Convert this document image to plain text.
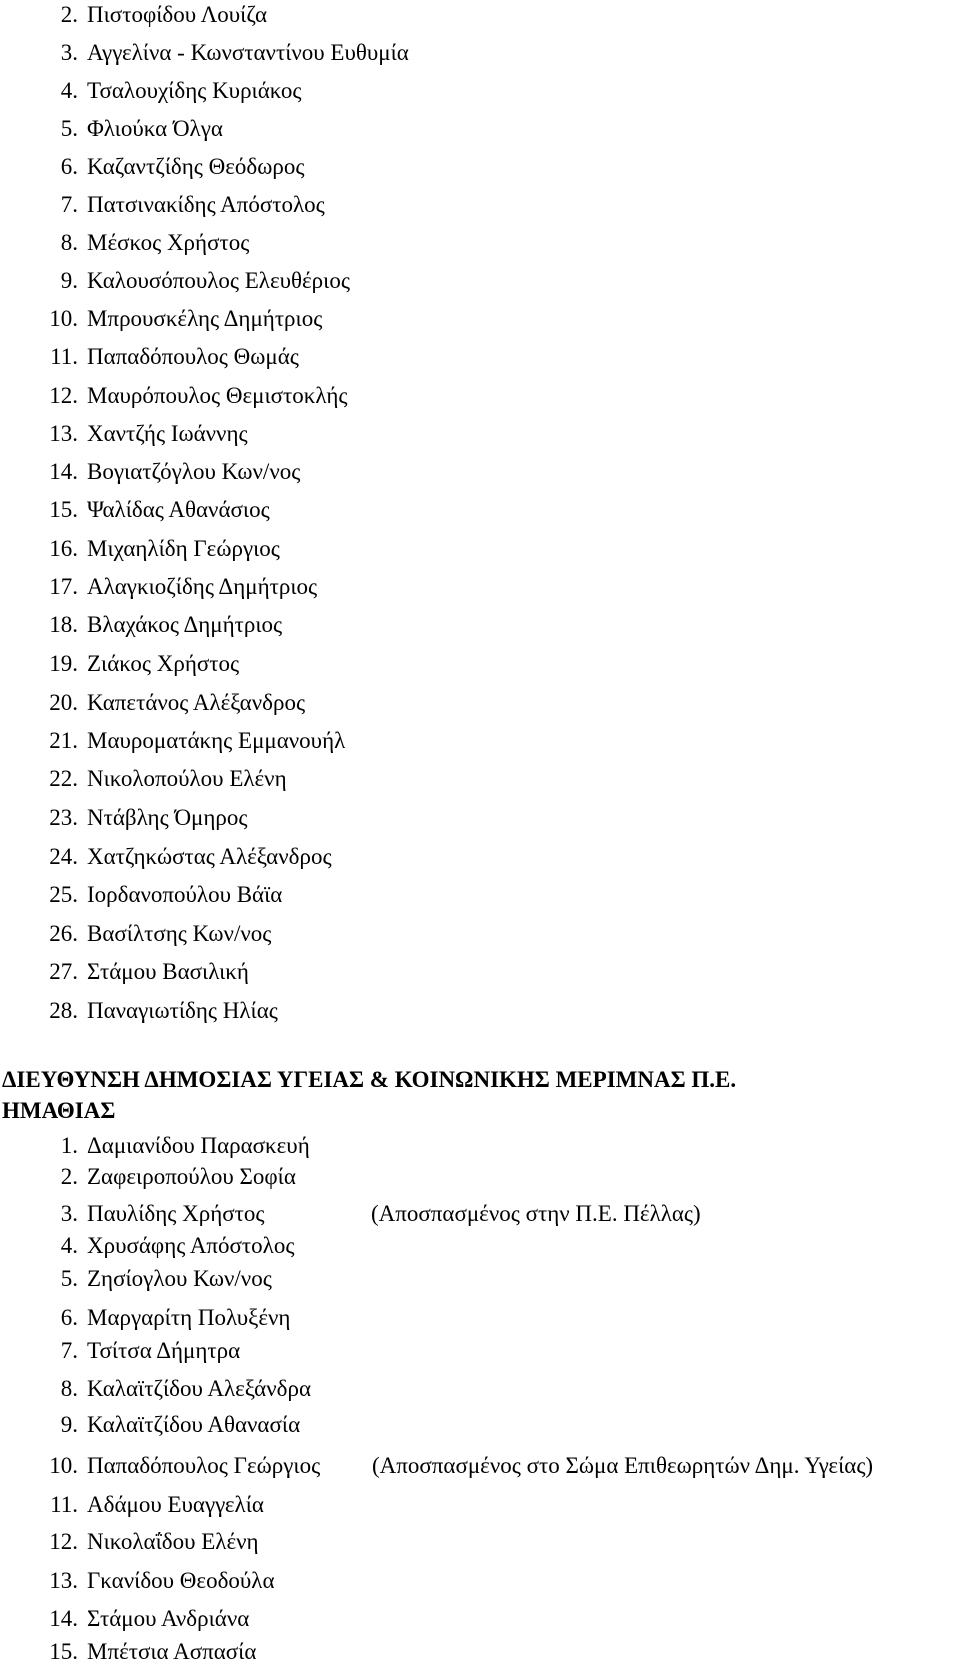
2. Πιστοφίδου Λουίζα
3. Αγγελίνα - Κωνσταντίνου Ευθυμία
4. Τσαλουχίδης Κυριάκος
5. Φλιούκα Όλγα
6. Καζαντζίδης Θεόδωρος
7. Πατσινακίδης Απόστολος
8. Μέσκος Χρήστος
9. Καλουσόπουλος Ελευθέριος
10. Μπρουσκέλης Δημήτριος
11. Παπαδόπουλος Θωμάς
12. Μαυρόπουλος Θεμιστοκλής
13. Χαντζής Ιωάννης
14. Βογιατζόγλου Κων/νος
15. Ψαλίδας Αθανάσιος
16. Μιχαηλίδη Γεώργιος
17. Αλαγκιοζίδης Δημήτριος
18. Βλαχάκος Δημήτριος
19. Ζιάκος Χρήστος
20. Καπετάνος Αλέξανδρος
21. Μαυροματάκης Εμμανουήλ
22. Νικολοπούλου Ελένη
23. Ντάβλης Όμηρος
24. Χατζηκώστας Αλέξανδρος
25. Ιορδανοπούλου Βάϊα
26. Βασίλτσης Κων/νος
27. Στάμου Βασιλική
28. Παναγιωτίδης Ηλίας
ΔΙΕΥΘΥΝΣΗ ΔΗΜΟΣΙΑΣ ΥΓΕΙΑΣ & ΚΟΙΝΩΝΙΚΗΣ ΜΕΡΙΜΝΑΣ Π.Ε.
ΗΜΑΘΙΑΣ
1. Δαμιανίδου Παρασκευή
2. Ζαφειροπούλου Σοφία
3. Παυλίδης Χρήστος	(Αποσπασμένος στην Π.Ε. Πέλλας)
4. Χρυσάφης Απόστολος
5. Ζησίογλου Κων/νος
6. Μαργαρίτη Πολυξένη
7. Τσίτσα Δήμητρα
8. Καλαϊτζίδου Αλεξάνδρα
9. Καλαϊτζίδου Αθανασία
10. Παπαδόπουλος Γεώργιος (Αποσπασμένος στο Σώμα Επιθεωρητών Δημ. Υγείας)
11. Αδάμου Ευαγγελία
12. Νικολαΐδου Ελένη
13. Γκανίδου Θεοδούλα
14. Στάμου Ανδριάνα
15. Μπέτσια Ασπασία
